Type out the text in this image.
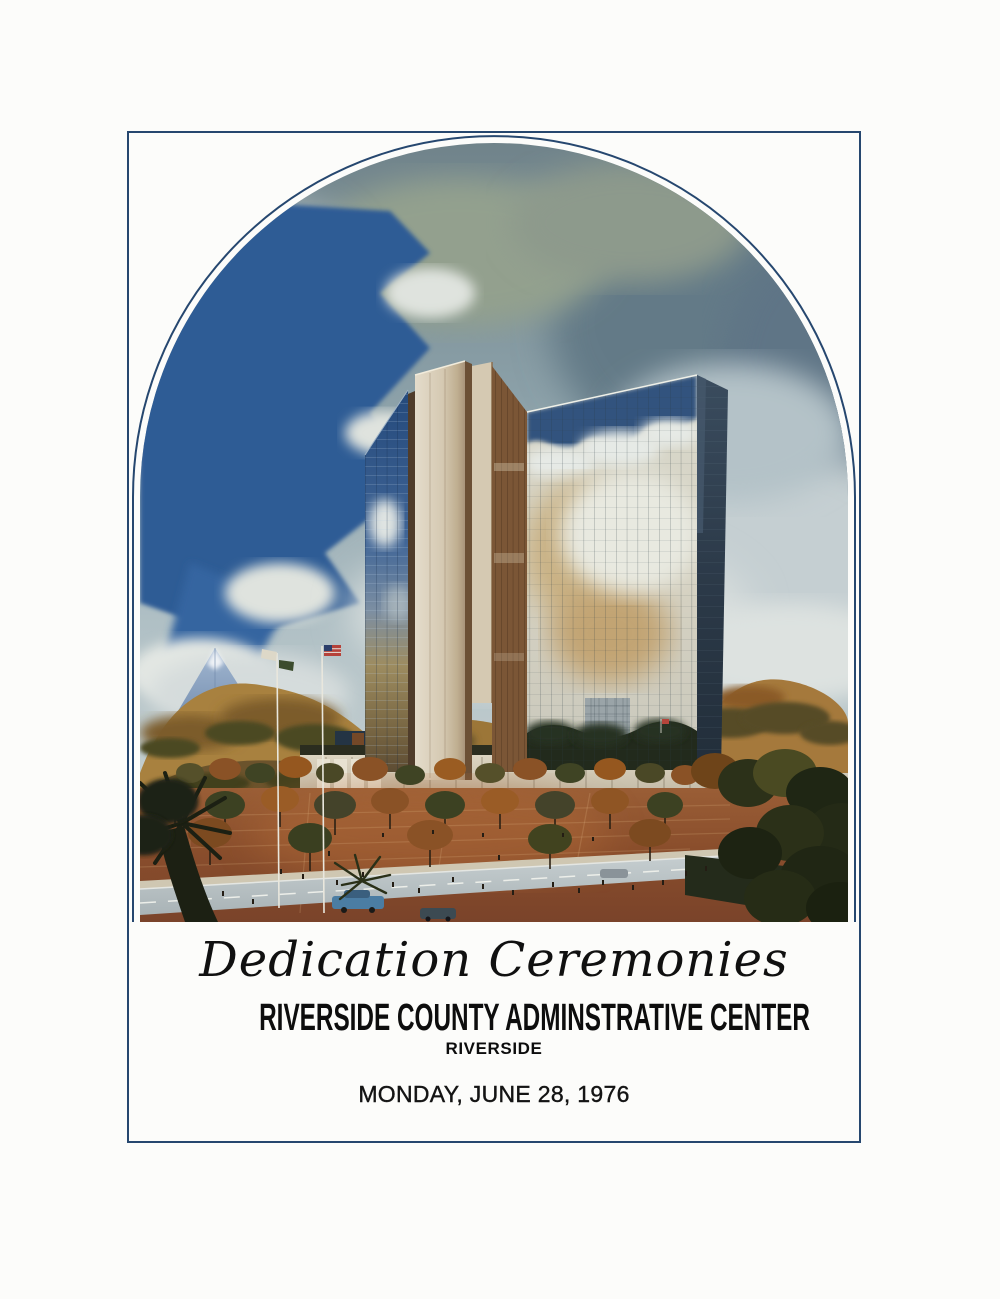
Dedication Ceremonies
RIVERSIDE COUNTY ADMINSTRATIVE CENTER
RIVERSIDE
MONDAY, JUNE 28, 1976
